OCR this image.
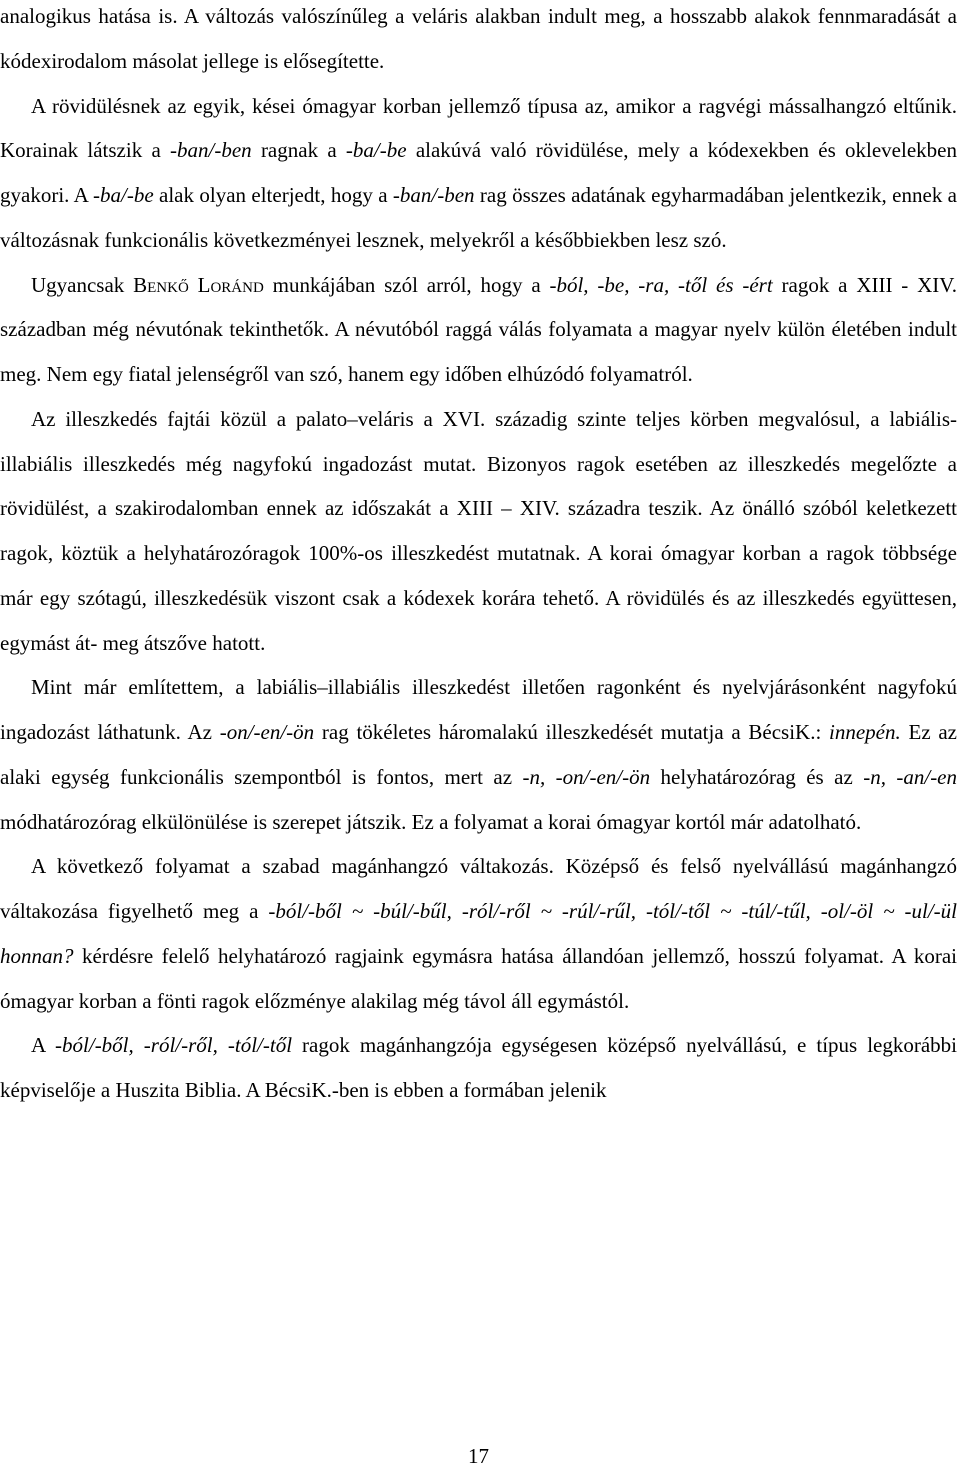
analogikus hatása is. A változás valószínűleg a veláris alakban indult meg, a hosszabb alakok fennmaradását a kódexirodalom másolat jellege is elősegítette.

A rövidülésnek az egyik, kései ómagyar korban jellemző típusa az, amikor a ragvégi mássalhangzó eltűnik. Korainak látszik a -ban/-ben ragnak a -ba/-be alakúvá való rövidülése, mely a kódexekben és oklevelekben gyakori. A -ba/-be alak olyan elterjedt, hogy a -ban/-ben rag összes adatának egyharmadában jelentkezik, ennek a változásnak funkcionális következményei lesznek, melyekről a későbbiekben lesz szó.

Ugyancsak Benkő Loránd munkájában szól arról, hogy a -ból, -be, -ra, -től és -ért ragok a XIII - XIV. században még névutónak tekinthetők. A névutóból raggá válás folyamata a magyar nyelv külön életében indult meg. Nem egy fiatal jelenségről van szó, hanem egy időben elhúzódó folyamatról.

Az illeszkedés fajtái közül a palato–veláris a XVI. századig szinte teljes körben megvalósul, a labiális-illabiális illeszkedés még nagyfokú ingadozást mutat. Bizonyos ragok esetében az illeszkedés megelőzte a rövidülést, a szakirodalomban ennek az időszakát a XIII – XIV. századra teszik. Az önálló szóból keletkezett ragok, köztük a helyhatározóragok 100%-os illeszkedést mutatnak. A korai ómagyar korban a ragok többsége már egy szótagú, illeszkedésük viszont csak a kódexek korára tehető. A rövidülés és az illeszkedés együttesen, egymást át- meg átszőve hatott.

Mint már említettem, a labiális–illabiális illeszkedést illetően ragonként és nyelvjárásonként nagyfokú ingadozást láthatunk. Az -on/-en/-ön rag tökéletes háromalakú illeszkedését mutatja a BécsiK.: innepén. Ez az alaki egység funkcionális szempontból is fontos, mert az -n, -on/-en/-ön helyhatározórag és az -n, -an/-en módhatározórag elkülönülése is szerepet játszik. Ez a folyamat a korai ómagyar kortól már adatolható.

A következő folyamat a szabad magánhangzó váltakozás. Középső és felső nyelvállású magánhangzó váltakozása figyelhető meg a -ból/-ből ~ -búl/-bűl, -ról/-ről ~ -rúl/-rűl, -tól/-től ~ -túl/-tűl, -ol/-öl ~ -ul/-ül honnan? kérdésre felelő helyhatározó ragjaink egymásra hatása állandóan jellemző, hosszú folyamat. A korai ómagyar korban a fönti ragok előzménye alakilag még távol áll egymástól.

A -ból/-ből, -ról/-ről, -tól/-től ragok magánhangzója egységesen középső nyelvállású, e típus legkorábbi képviselője a Huszita Biblia. A BécsiK.-ben is ebben a formában jelenik

17
